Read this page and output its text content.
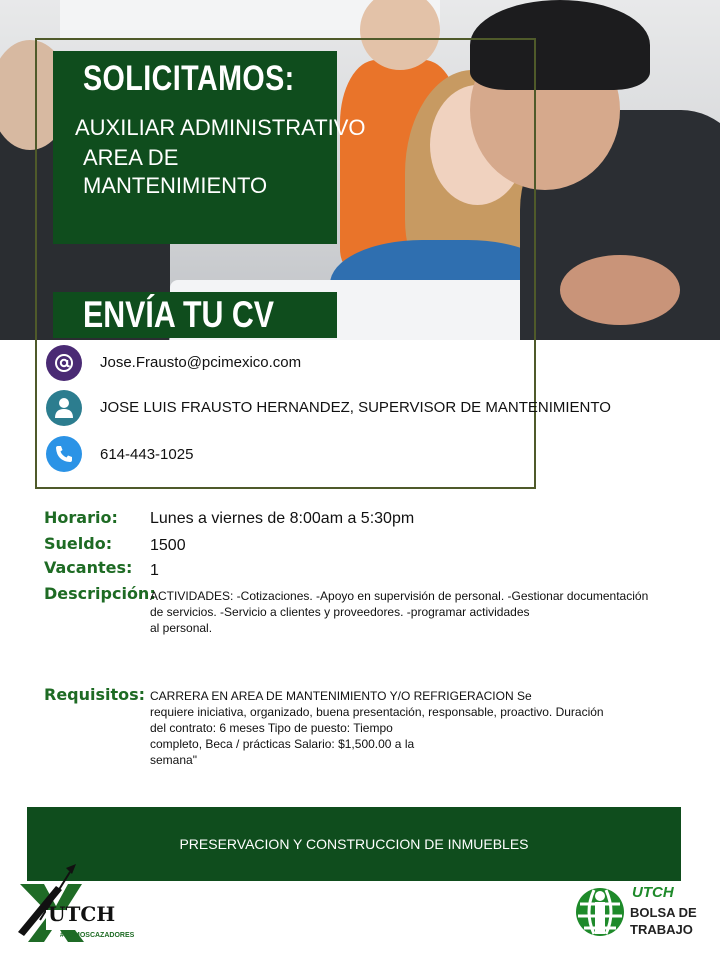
SOLICITAMOS:
AUXILIAR ADMINISTRATIVO
AREA DE
MANTENIMIENTO
ENVÍA TU CV
Jose.Frausto@pcimexico.com
JOSE LUIS FRAUSTO HERNANDEZ, SUPERVISOR DE MANTENIMIENTO
614-443-1025
Horario: Lunes a viernes de 8:00am a 5:30pm
Sueldo: 1500
Vacantes: 1
Descripción:
ACTIVIDADES: -Cotizaciones. -Apoyo en supervisión de personal. -Gestionar documentación
de servicios. -Servicio a clientes y proveedores. -programar actividades
al personal.
Requisitos: CARRERA EN AREA DE MANTENIMIENTO Y/O REFRIGERACION Se
requiere iniciativa, organizado, buena presentación, responsable, proactivo. Duración
del contrato: 6 meses Tipo de puesto: Tiempo
completo, Beca / prácticas Salario: $1,500.00 a la
semana"
PRESERVACION Y CONSTRUCCION DE INMUEBLES
UTCH
#SOMOSCAZADORES
UTCH
BOLSA DE
TRABAJO
